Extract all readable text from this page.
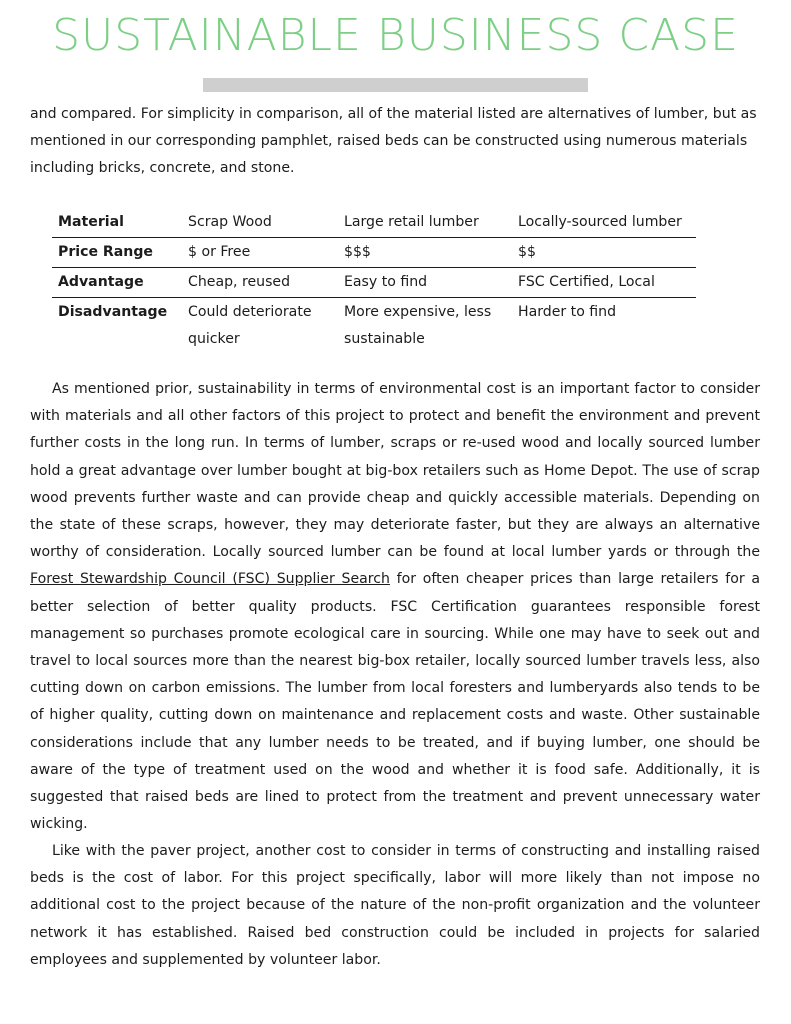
SUSTAINABLE BUSINESS CASE

and compared. For simplicity in comparison, all of the material listed are alternatives of lumber, but as mentioned in our corresponding pamphlet, raised beds can be constructed using numerous materials including bricks, concrete, and stone.

Material	Scrap Wood	Large retail lumber	Locally-sourced lumber
Price Range	$ or Free	$$$	$$
Advantage	Cheap, reused	Easy to find	FSC Certified, Local
Disadvantage	Could deteriorate quicker	More expensive, less sustainable	Harder to find

As mentioned prior, sustainability in terms of environmental cost is an important factor to consider with materials and all other factors of this project to protect and benefit the environment and prevent further costs in the long run. In terms of lumber, scraps or re-used wood and locally sourced lumber hold a great advantage over lumber bought at big-box retailers such as Home Depot. The use of scrap wood prevents further waste and can provide cheap and quickly accessible materials. Depending on the state of these scraps, however, they may deteriorate faster, but they are always an alternative worthy of consideration. Locally sourced lumber can be found at local lumber yards or through the Forest Stewardship Council (FSC) Supplier Search for often cheaper prices than large retailers for a better selection of better quality products. FSC Certification guarantees responsible forest management so purchases promote ecological care in sourcing. While one may have to seek out and travel to local sources more than the nearest big-box retailer, locally sourced lumber travels less, also cutting down on carbon emissions. The lumber from local foresters and lumberyards also tends to be of higher quality, cutting down on maintenance and replacement costs and waste. Other sustainable considerations include that any lumber needs to be treated, and if buying lumber, one should be aware of the type of treatment used on the wood and whether it is food safe. Additionally, it is suggested that raised beds are lined to protect from the treatment and prevent unnecessary water wicking.

Like with the paver project, another cost to consider in terms of constructing and installing raised beds is the cost of labor. For this project specifically, labor will more likely than not impose no additional cost to the project because of the nature of the non-profit organization and the volunteer network it has established. Raised bed construction could be included in projects for salaried employees and supplemented by volunteer labor.
